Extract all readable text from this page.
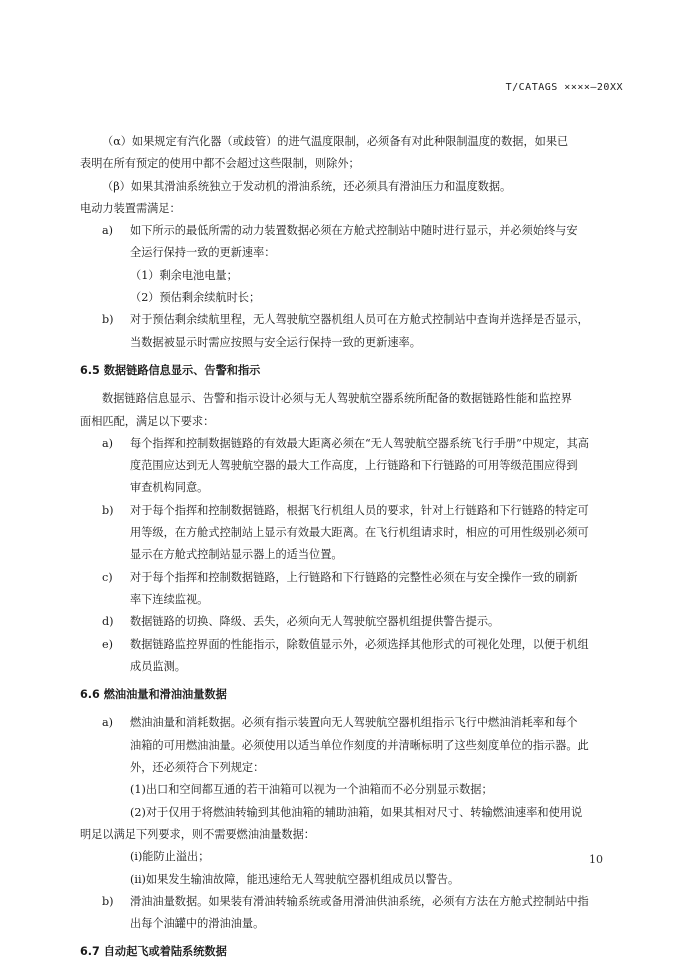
T/CATAGS ××××—20XX

（α）如果规定有汽化器（或歧管）的进气温度限制，必须备有对此种限制温度的数据，如果已

表明在所有预定的使用中都不会超过这些限制，则除外；

（β）如果其滑油系统独立于发动机的滑油系统，还必须具有滑油压力和温度数据。

电动力装置需满足：

a) 如下所示的最低所需的动力装置数据必须在方舱式控制站中随时进行显示，并必须始终与安

全运行保持一致的更新速率：

（1）剩余电池电量；

（2）预估剩余续航时长；

b) 对于预估剩余续航里程，无人驾驶航空器机组人员可在方舱式控制站中查询并选择是否显示，

当数据被显示时需应按照与安全运行保持一致的更新速率。

6.5 数据链路信息显示、告警和指示

数据链路信息显示、告警和指示设计必须与无人驾驶航空器系统所配备的数据链路性能和监控界

面相匹配，满足以下要求：

a) 每个指挥和控制数据链路的有效最大距离必须在“无人驾驶航空器系统飞行手册”中规定，其高

度范围应达到无人驾驶航空器的最大工作高度，上行链路和下行链路的可用等级范围应得到

审查机构同意。

b) 对于每个指挥和控制数据链路，根据飞行机组人员的要求，针对上行链路和下行链路的特定可

用等级，在方舱式控制站上显示有效最大距离。在飞行机组请求时，相应的可用性级别必须可

显示在方舱式控制站显示器上的适当位置。

c) 对于每个指挥和控制数据链路，上行链路和下行链路的完整性必须在与安全操作一致的刷新

率下连续监视。

d) 数据链路的切换、降级、丢失，必须向无人驾驶航空器机组提供警告提示。

e) 数据链路监控界面的性能指示，除数值显示外，必须选择其他形式的可视化处理，以便于机组

成员监测。

6.6 燃油油量和滑油油量数据

a) 燃油油量和消耗数据。必须有指示装置向无人驾驶航空器机组指示飞行中燃油消耗率和每个

油箱的可用燃油油量。必须使用以适当单位作刻度的并清晰标明了这些刻度单位的指示器。此

外，还必须符合下列规定：

(1)出口和空间都互通的若干油箱可以视为一个油箱而不必分别显示数据；

(2)对于仅用于将燃油转输到其他油箱的辅助油箱，如果其相对尺寸、转输燃油速率和使用说

明足以满足下列要求，则不需要燃油油量数据：

(i)能防止溢出；

(ii)如果发生输油故障，能迅速给无人驾驶航空器机组成员以警告。

b) 滑油油量数据。如果装有滑油转输系统或备用滑油供油系统，必须有方法在方舱式控制站中指

出每个油罐中的滑油油量。

6.7 自动起飞或着陆系统数据

10
